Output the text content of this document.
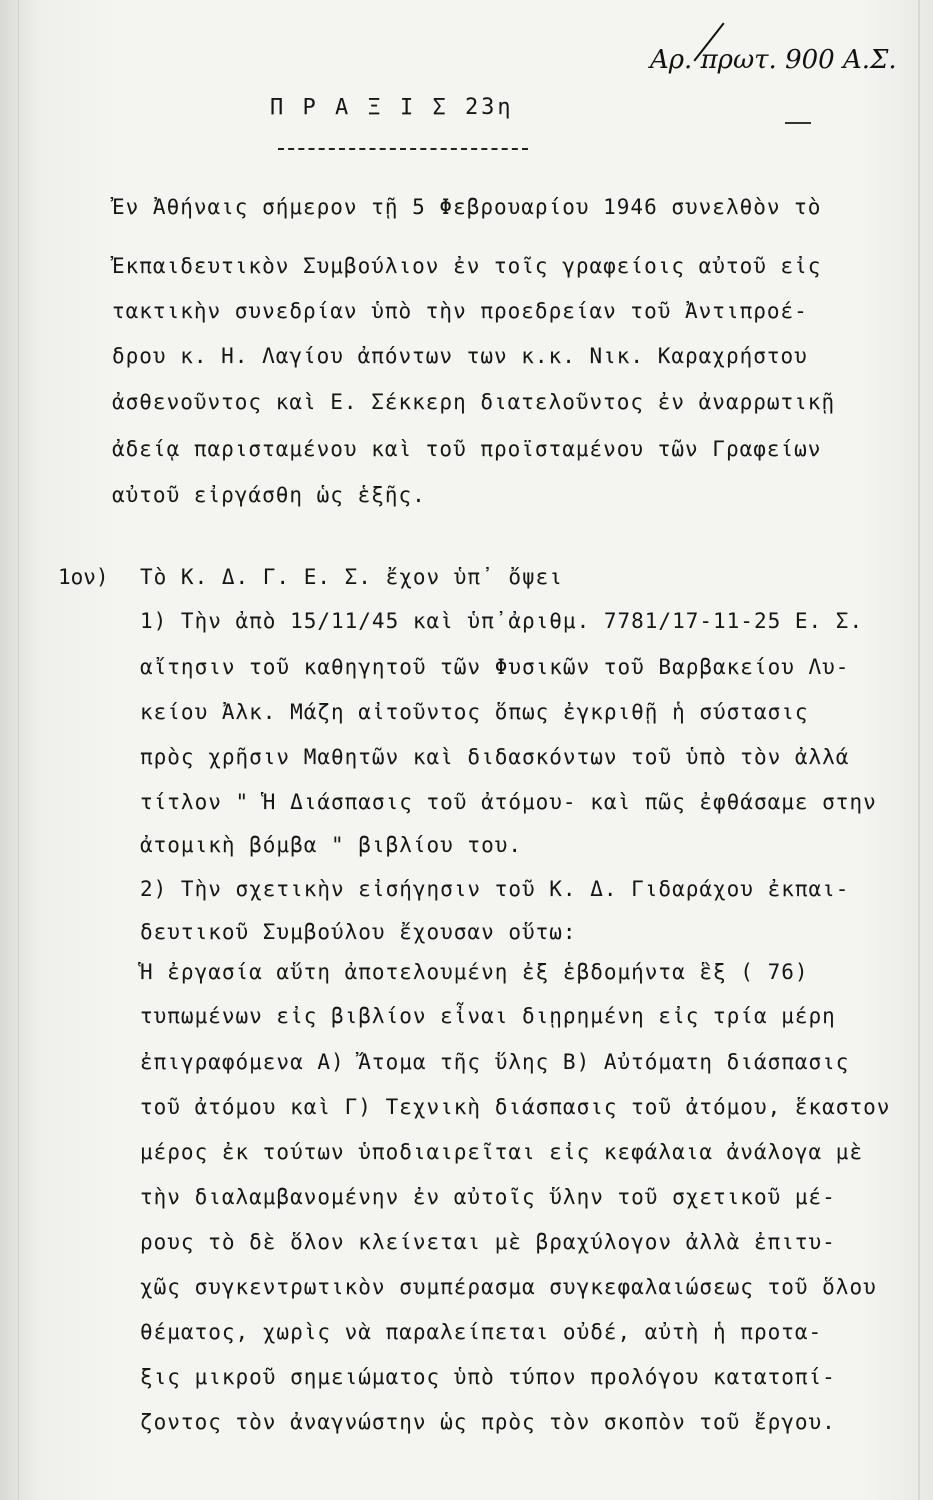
Αρ. πρωτ. 900 Α.Σ.
Π Ρ Α Ξ Ι Σ 23η
Ἐν Ἀθήναις σήμερον τῇ 5 Φεβρουαρίου 1946 συνελθὸν τὸ
Ἐκπαιδευτικὸν Συμβούλιον ἐν τοῖς γραφείοις αὐτοῦ εἰς
τακτικὴν συνεδρίαν ὑπὸ τὴν προεδρείαν τοῦ Ἀντιπροέ-
δρου κ. Η. Λαγίου ἀπόντων των κ.κ. Νικ. Καραχρήστου
ἀσθενοῦντος καὶ Ε. Σέκκερη διατελοῦντος ἐν ἀναρρωτικῇ
ἀδείᾳ παρισταμένου καὶ τοῦ προϊσταμένου τῶν Γραφείων
αὐτοῦ εἰργάσθη ὡς ἑξῆς.
1ον) Τὸ Κ. Δ. Γ. Ε. Σ. ἔχον ὑπ᾽ ὄψει
1) Τὴν ἀπὸ 15/11/45 καὶ ὑπ᾽ἀριθμ. 7781/17-11-25 Ε. Σ.
αἴτησιν τοῦ καθηγητοῦ τῶν Φυσικῶν τοῦ Βαρβακείου Λυ-
κείου Ἀλκ. Μάζη αἰτοῦντος ὅπως ἐγκριθῇ ἡ σύστασις
πρὸς χρῆσιν Μαθητῶν καὶ διδασκόντων τοῦ ὑπὸ τὸν ἀλλά
τίτλον " Ἡ Διάσπασις τοῦ ἀτόμου- καὶ πῶς ἐφθάσαμε στην
ἀτομικὴ βόμβα " βιβλίου του.
2) Τὴν σχετικὴν εἰσήγησιν τοῦ Κ. Δ. Γιδαράχου ἐκπαι-
δευτικοῦ Συμβούλου ἔχουσαν οὕτω:
Ἡ ἐργασία αὕτη ἀποτελουμένη ἐξ ἑβδομήντα ἓξ ( 76)
τυπωμένων εἰς βιβλίον εἶναι διῃρημένη εἰς τρία μέρη
ἐπιγραφόμενα Α) Ἄτομα τῆς ὕλης Β) Αὐτόματη διάσπασις
τοῦ ἀτόμου καὶ Γ) Τεχνικὴ διάσπασις τοῦ ἀτόμου, ἕκαστον
μέρος ἐκ τούτων ὑποδιαιρεῖται εἰς κεφάλαια ἀνάλογα μὲ
τὴν διαλαμβανομένην ἐν αὐτοῖς ὕλην τοῦ σχετικοῦ μέ-
ρους τὸ δὲ ὅλον κλείνεται μὲ βραχύλογον ἀλλὰ ἐπιτυ-
χῶς συγκεντρωτικὸν συμπέρασμα συγκεφαλαιώσεως τοῦ ὅλου
θέματος, χωρὶς νὰ παραλείπεται οὐδέ, αὐτὴ ἡ προτα-
ξις μικροῦ σημειώματος ὑπὸ τύπον προλόγου κατατοπί-
ζοντος τὸν ἀναγνώστην ὡς πρὸς τὸν σκοπὸν τοῦ ἔργου.
